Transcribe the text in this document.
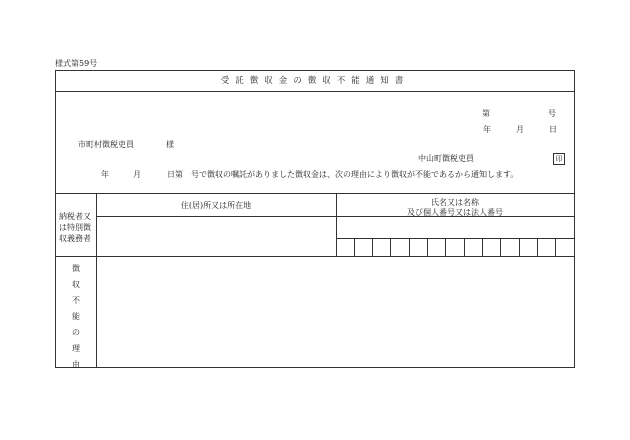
様式第59号
受託徴収金の徴収不能通知書
第	号
年	月	日
市町村徴税吏員	様
中山町徴税吏員	印
年	月	日第　号で徴収の嘱託がありました徴収金は、次の理由により徴収が不能であるから通知します。
納税者又
は特別徴
収義務者
住(居)所又は所在地	氏名又は名称
及び個人番号又は法人番号
徴
収
不
能
の
理
由
